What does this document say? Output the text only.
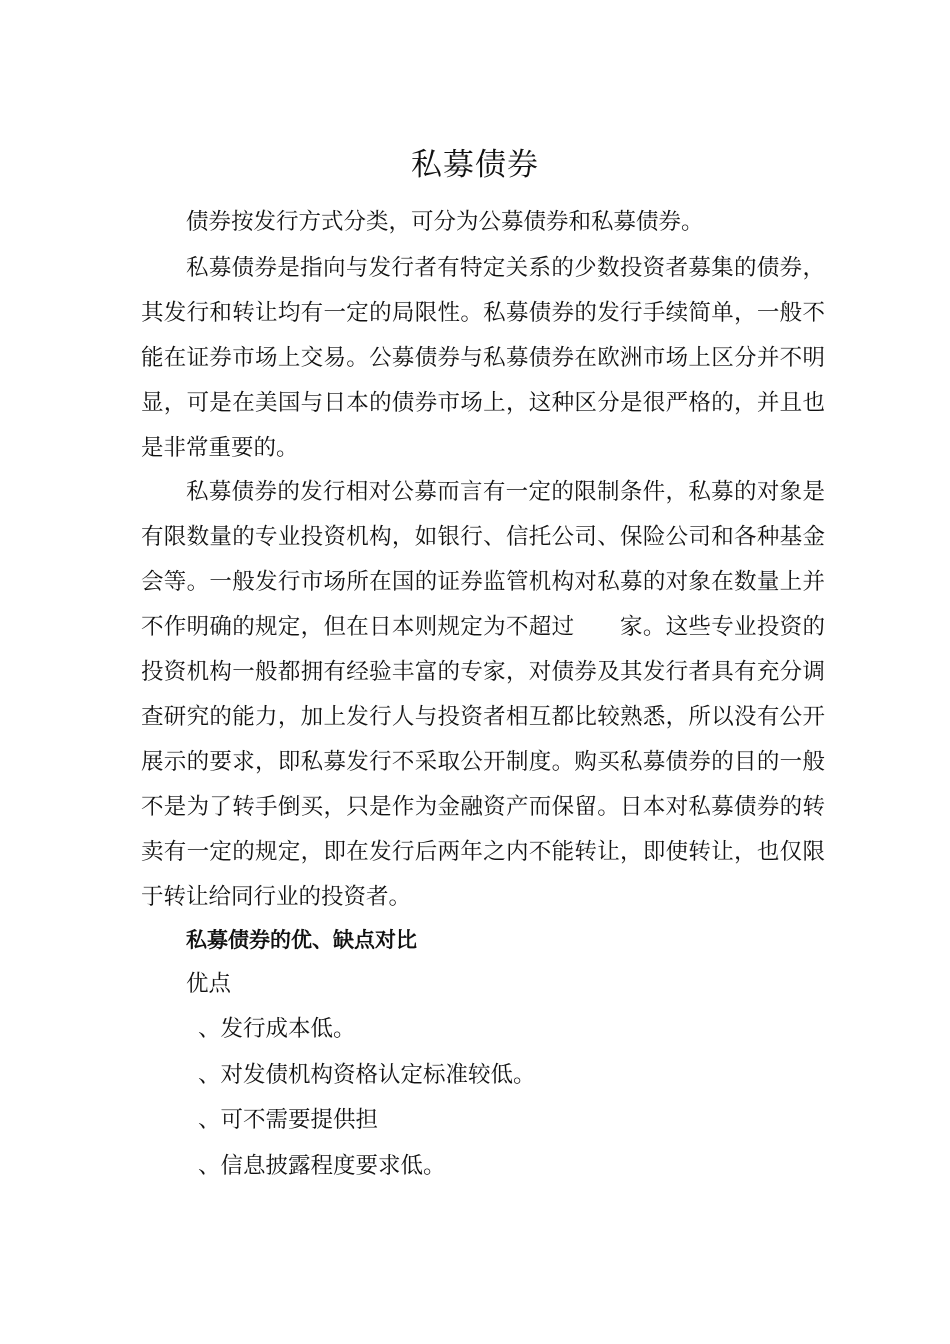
私募债券

债券按发行方式分类，可分为公募债券和私募债券。

私募债券是指向与发行者有特定关系的少数投资者募集的债券，其发行和转让均有一定的局限性。私募债券的发行手续简单，一般不能在证券市场上交易。公募债券与私募债券在欧洲市场上区分并不明显，可是在美国与日本的债券市场上，这种区分是很严格的，并且也是非常重要的。

私募债券的发行相对公募而言有一定的限制条件，私募的对象是有限数量的专业投资机构，如银行、信托公司、保险公司和各种基金会等。一般发行市场所在国的证券监管机构对私募的对象在数量上并不作明确的规定，但在日本则规定为不超过　　家。这些专业投资的投资机构一般都拥有经验丰富的专家，对债券及其发行者具有充分调查研究的能力，加上发行人与投资者相互都比较熟悉，所以没有公开展示的要求，即私募发行不采取公开制度。购买私募债券的目的一般不是为了转手倒买，只是作为金融资产而保留。日本对私募债券的转卖有一定的规定，即在发行后两年之内不能转让，即使转让，也仅限于转让给同行业的投资者。

私募债券的优、缺点对比
优点
、发行成本低。
、对发债机构资格认定标准较低。
、可不需要提供担
、信息披露程度要求低。
